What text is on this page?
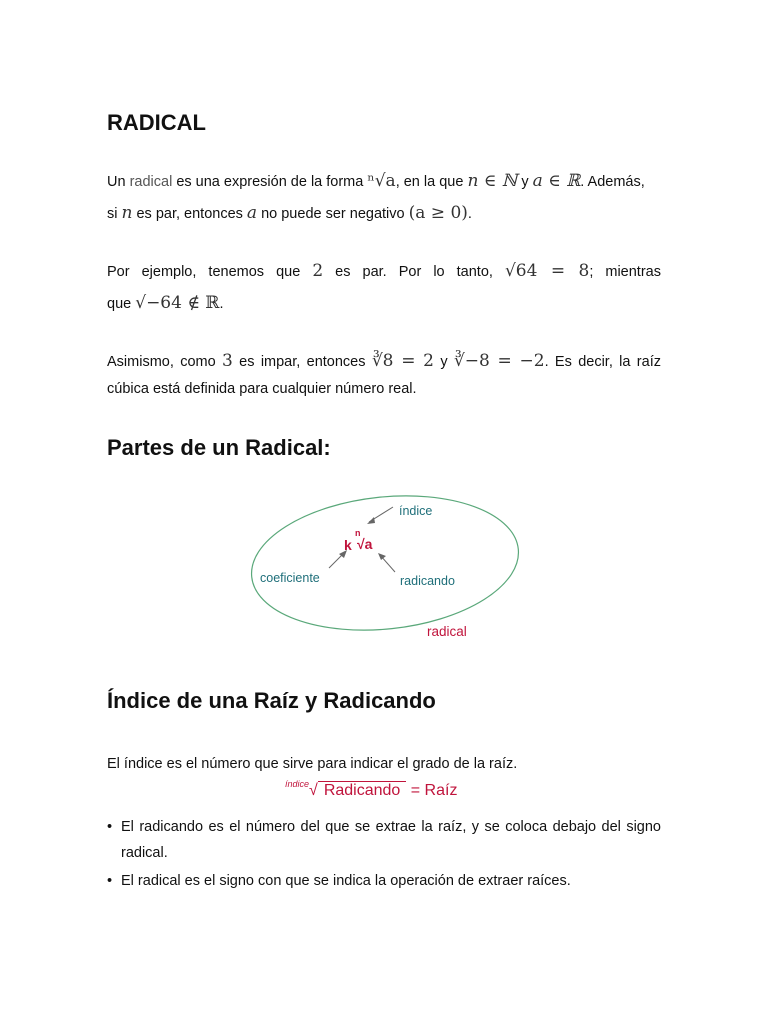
RADICAL

Un radical es una expresión de la forma ⁿ√a, en la que n ∈ ℕ y a ∈ ℝ. Además,

si n es par, entonces a no puede ser negativo (a ≥ 0).

Por ejemplo, tenemos que 2 es par. Por lo tanto, √64 = 8; mientras

que √−64 ∉ ℝ.

Asimismo, como 3 es impar, entonces ∛8 = 2 y ∛−8 = −2. Es decir, la raíz

cúbica está definida para cualquier número real.

Partes de un Radical:
Índice de una Raíz y Radicando

El índice es el número que sirve para indicar el grado de la raíz.

$^{índice}$√ Radicando = Raíz
• El radicando es el número del que se extrae la raíz, y se coloca debajo del signo radical.
• El radical es el signo con que se indica la operación de extraer raíces.
índice
k
n
√a
coeficiente	radicando
radical
